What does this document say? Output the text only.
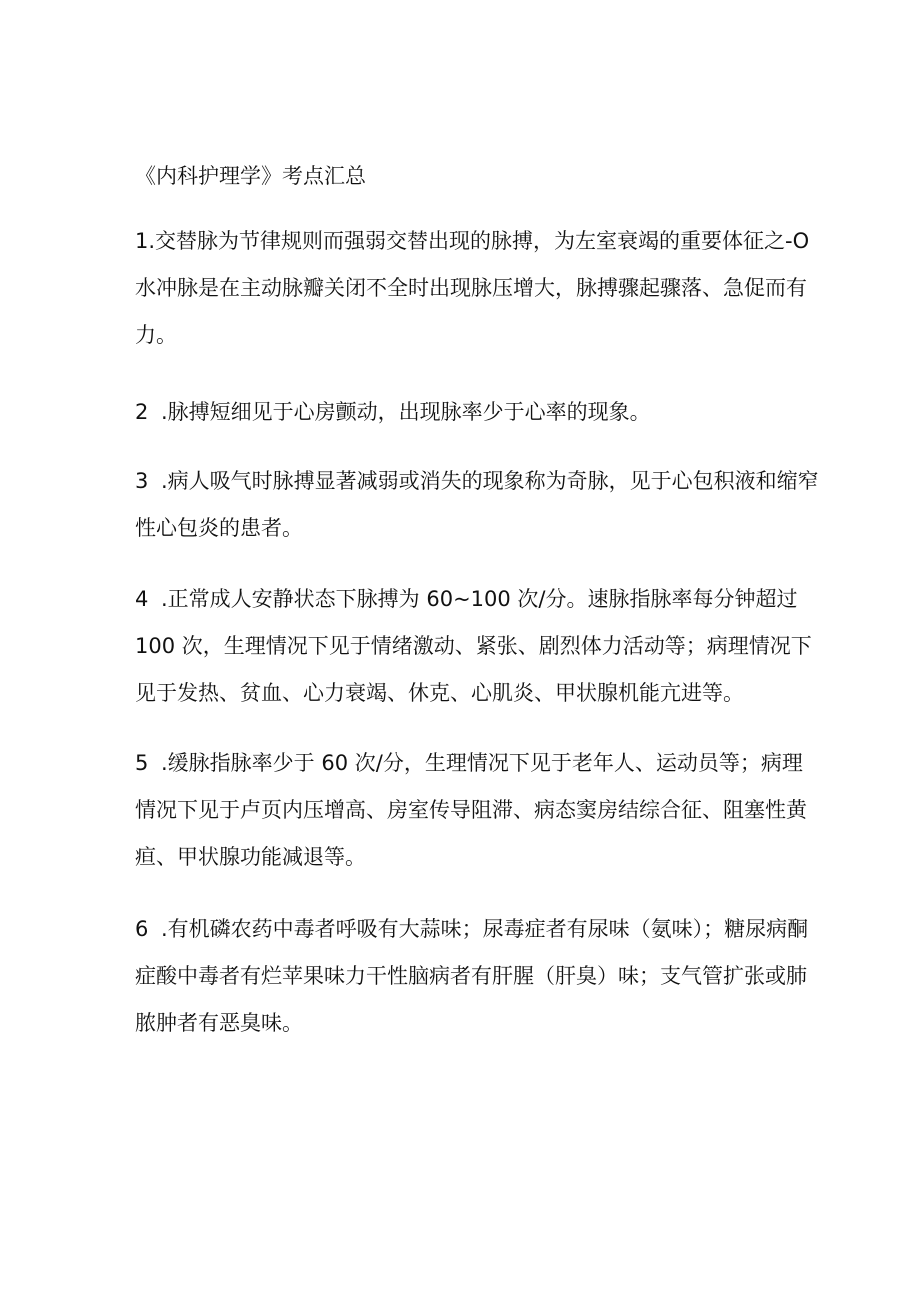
《内科护理学》考点汇总
1.交替脉为节律规则而强弱交替出现的脉搏，为左室衰竭的重要体征之-O
水冲脉是在主动脉瓣关闭不全时出现脉压增大，脉搏骤起骤落、急促而有
力。
2 .脉搏短细见于心房颤动，出现脉率少于心率的现象。
3 .病人吸气时脉搏显著减弱或消失的现象称为奇脉，见于心包积液和缩窄
性心包炎的患者。
4 .正常成人安静状态下脉搏为 60~100 次/分。速脉指脉率每分钟超过
100 次，生理情况下见于情绪激动、紧张、剧烈体力活动等；病理情况下
见于发热、贫血、心力衰竭、休克、心肌炎、甲状腺机能亢进等。
5 .缓脉指脉率少于 60 次/分，生理情况下见于老年人、运动员等；病理
情况下见于卢页内压增高、房室传导阻滞、病态窦房结综合征、阻塞性黄
疸、甲状腺功能减退等。
6 .有机磷农药中毒者呼吸有大蒜味；尿毒症者有尿味（氨味）；糖尿病酮
症酸中毒者有烂苹果味力干性脑病者有肝腥（肝臭）味；支气管扩张或肺
脓肿者有恶臭味。
